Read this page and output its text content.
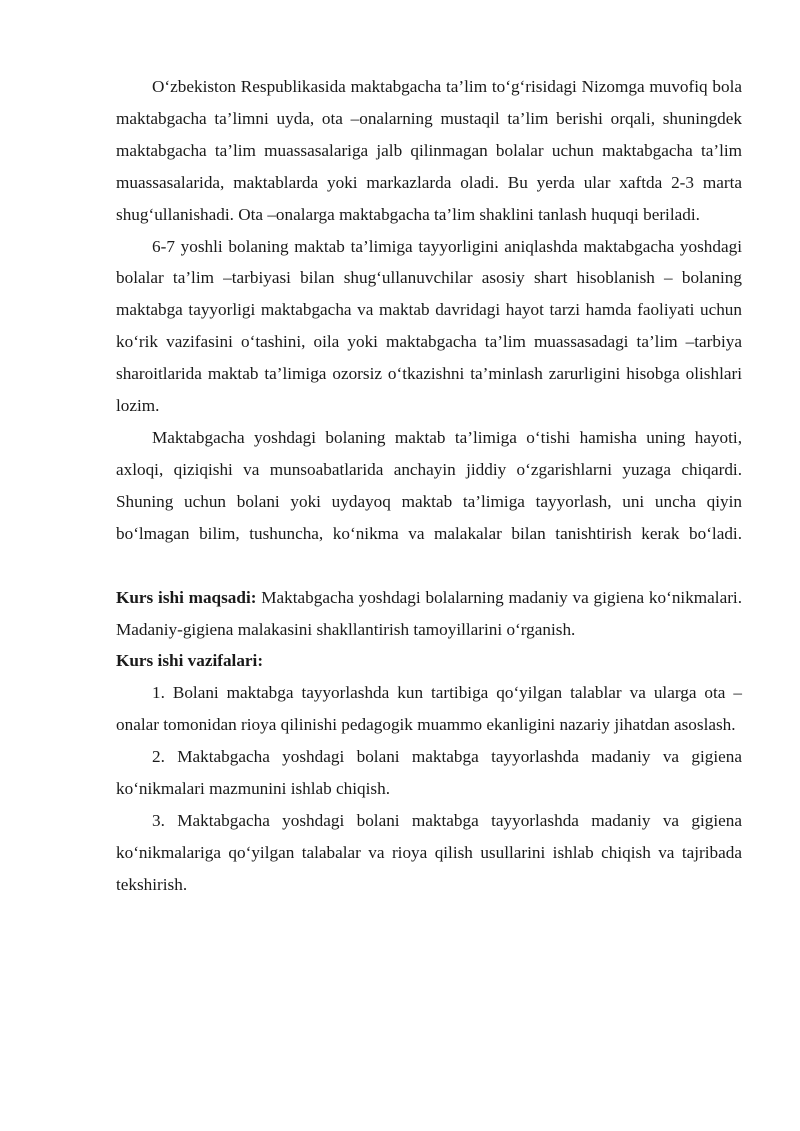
O‘zbekiston Respublikasida maktabgacha ta’lim to‘g‘risidagi Nizomga muvofiq bola maktabgacha ta’limni uyda, ota –onalarning mustaqil ta’lim berishi orqali, shuningdek maktabgacha ta’lim muassasalariga jalb qilinmagan bolalar uchun maktabgacha ta’lim muassasalarida, maktablarda yoki markazlarda oladi. Bu yerda ular xaftda 2-3 marta shug‘ullanishadi. Ota –onalarga maktabgacha ta’lim shaklini tanlash huquqi beriladi.

6-7 yoshli bolaning maktab ta’limiga tayyorligini aniqlashda maktabgacha yoshdagi bolalar ta’lim –tarbiyasi bilan shug‘ullanuvchilar asosiy shart hisoblanish – bolaning maktabga tayyorligi maktabgacha va maktab davridagi hayot tarzi hamda faoliyati uchun ko‘rik vazifasini o‘tashini, oila yoki maktabgacha ta’lim muassasadagi ta’lim –tarbiya sharoitlarida maktab ta’limiga ozorsiz o‘tkazishni ta’minlash zarurligini hisobga olishlari lozim.

Maktabgacha yoshdagi bolaning maktab ta’limiga o‘tishi hamisha uning hayoti, axloqi, qiziqishi va munsoabatlarida anchayin jiddiy o‘zgarishlarni yuzaga chiqardi. Shuning uchun bolani yoki uydayoq maktab ta’limiga tayyorlash, uni uncha qiyin bo‘lmagan bilim, tushuncha, ko‘nikma va malakalar bilan tanishtirish kerak bo‘ladi.

Kurs ishi maqsadi: Maktabgacha yoshdagi bolalarning madaniy va gigiena ko‘nikmalari. Madaniy-gigiena malakasini shakllantirish tamoyillarini o‘rganish.

Kurs ishi vazifalari:

1. Bolani maktabga tayyorlashda kun tartibiga qo‘yilgan talablar va ularga ota –onalar tomonidan rioya qilinishi pedagogik muammo ekanligini nazariy jihatdan asoslash.

2. Maktabgacha yoshdagi bolani maktabga tayyorlashda madaniy va gigiena ko‘nikmalari mazmunini ishlab chiqish.

3. Maktabgacha yoshdagi bolani maktabga tayyorlashda madaniy va gigiena ko‘nikmalariga qo‘yilgan talabalar va rioya qilish usullarini ishlab chiqish va tajribada tekshirish.
